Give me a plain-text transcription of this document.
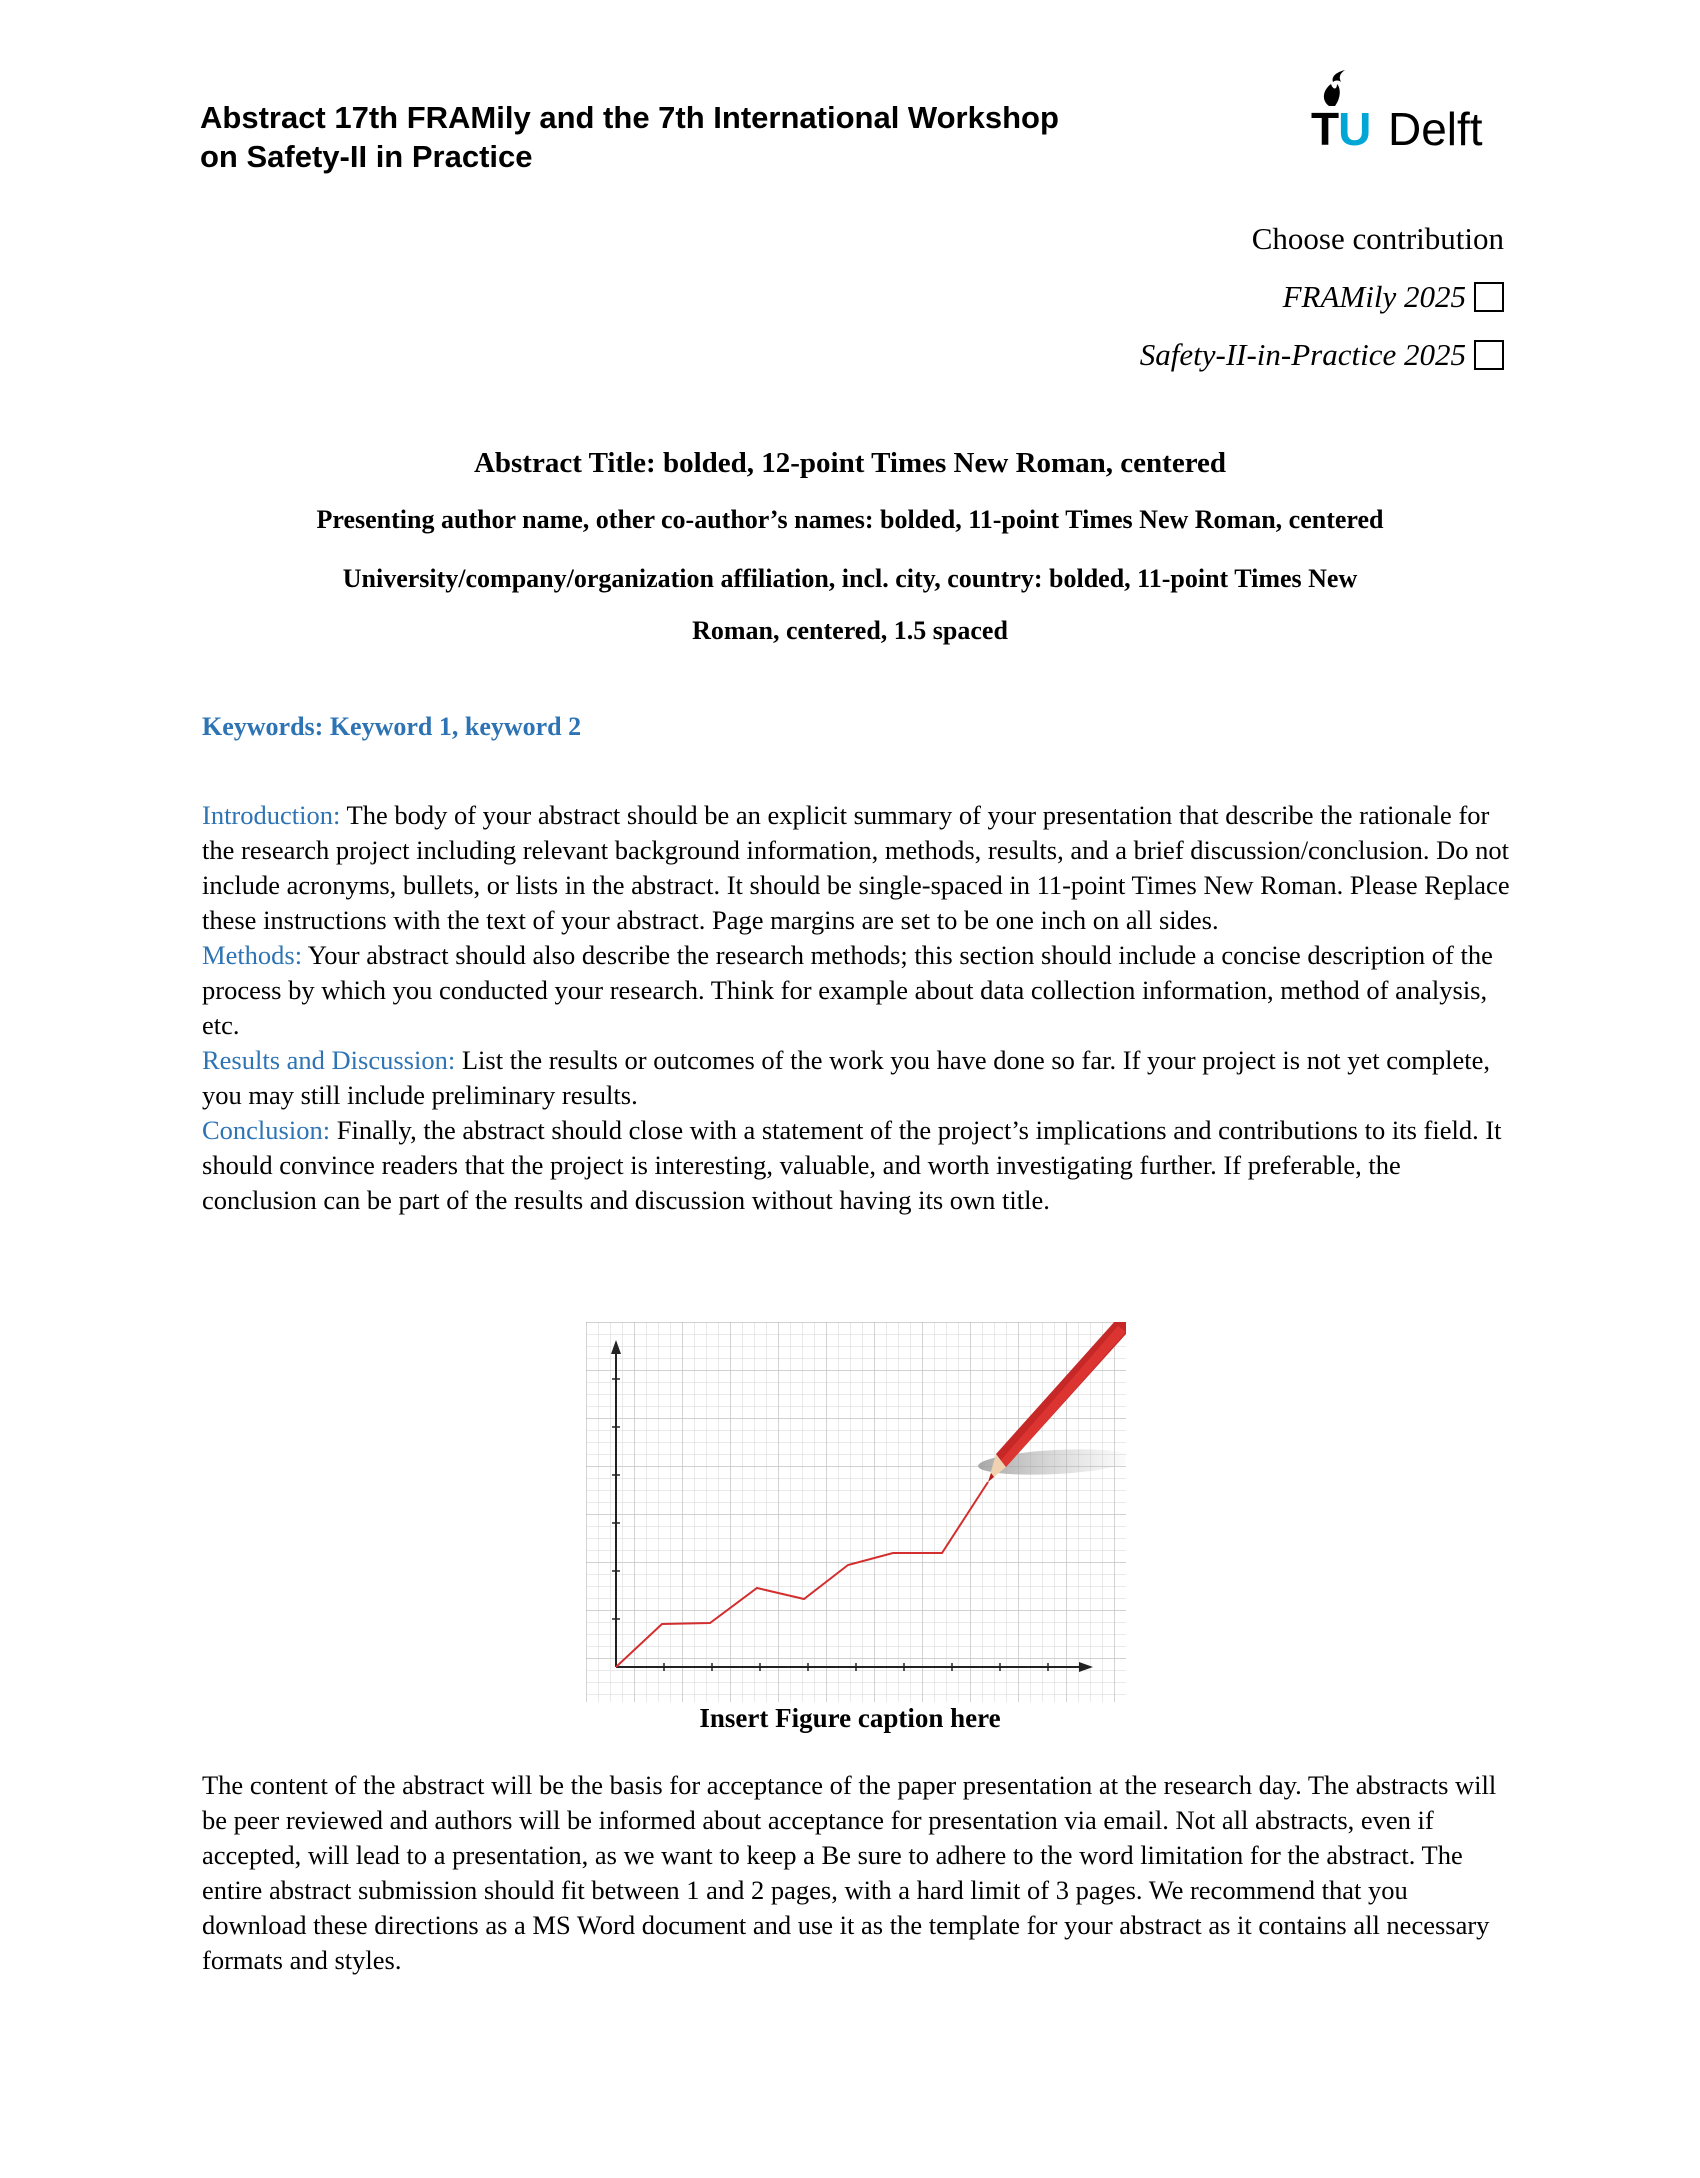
Abstract 17th FRAMily and the 7th International Workshop
on Safety-II in Practice
TU Delft
Choose contribution
FRAMily 2025
Safety-II-in-Practice 2025
Abstract Title: bolded, 12-point Times New Roman, centered
Presenting author name, other co-author’s names: bolded, 11-point Times New Roman, centered
University/company/organization affiliation, incl. city, country: bolded, 11-point Times New Roman, centered, 1.5 spaced
Keywords: Keyword 1, keyword 2

Introduction: The body of your abstract should be an explicit summary of your presentation that describe the rationale for the research project including relevant background information, methods, results, and a brief discussion/conclusion. Do not include acronyms, bullets, or lists in the abstract. It should be single-spaced in 11-point Times New Roman. Please Replace these instructions with the text of your abstract. Page margins are set to be one inch on all sides.

Methods: Your abstract should also describe the research methods; this section should include a concise description of the process by which you conducted your research. Think for example about data collection information, method of analysis, etc.

Results and Discussion: List the results or outcomes of the work you have done so far. If your project is not yet complete, you may still include preliminary results.

Conclusion: Finally, the abstract should close with a statement of the project’s implications and contributions to its field. It should convince readers that the project is interesting, valuable, and worth investigating further. If preferable, the conclusion can be part of the results and discussion without having its own title.

Insert Figure caption here

The content of the abstract will be the basis for acceptance of the paper presentation at the research day. The abstracts will be peer reviewed and authors will be informed about acceptance for presentation via email. Not all abstracts, even if accepted, will lead to a presentation, as we want to keep a Be sure to adhere to the word limitation for the abstract. The entire abstract submission should fit between 1 and 2 pages, with a hard limit of 3 pages. We recommend that you download these directions as a MS Word document and use it as the template for your abstract as it contains all necessary formats and styles.
